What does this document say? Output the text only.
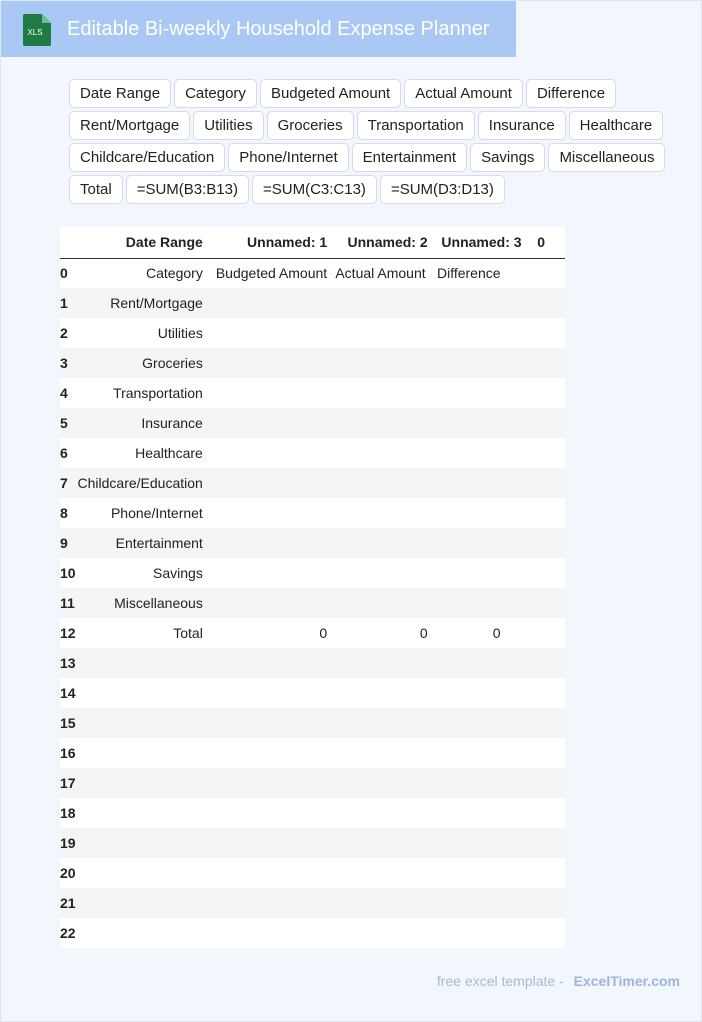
XLS Editable Bi-weekly Household Expense Planner
Date Range	Category	Budgeted Amount	Actual Amount	Difference
Rent/Mortgage	Utilities	Groceries	Transportation	Insurance	Healthcare
Childcare/Education	Phone/Internet	Entertainment	Savings	Miscellaneous
Total	=SUM(B3:B13)	=SUM(C3:C13)	=SUM(D3:D13)
	Date Range	Unnamed: 1	Unnamed: 2	Unnamed: 3	0
0	Category	Budgeted Amount	Actual Amount	Difference	
1	Rent/Mortgage				
2	Utilities				
3	Groceries				
4	Transportation				
5	Insurance				
6	Healthcare				
7	Childcare/Education				
8	Phone/Internet				
9	Entertainment				
10	Savings				
11	Miscellaneous				
12	Total	0	0	0	
13					
14					
15					
16					
17					
18					
19					
20					
21					
22					
free excel template - ExcelTimer.com
